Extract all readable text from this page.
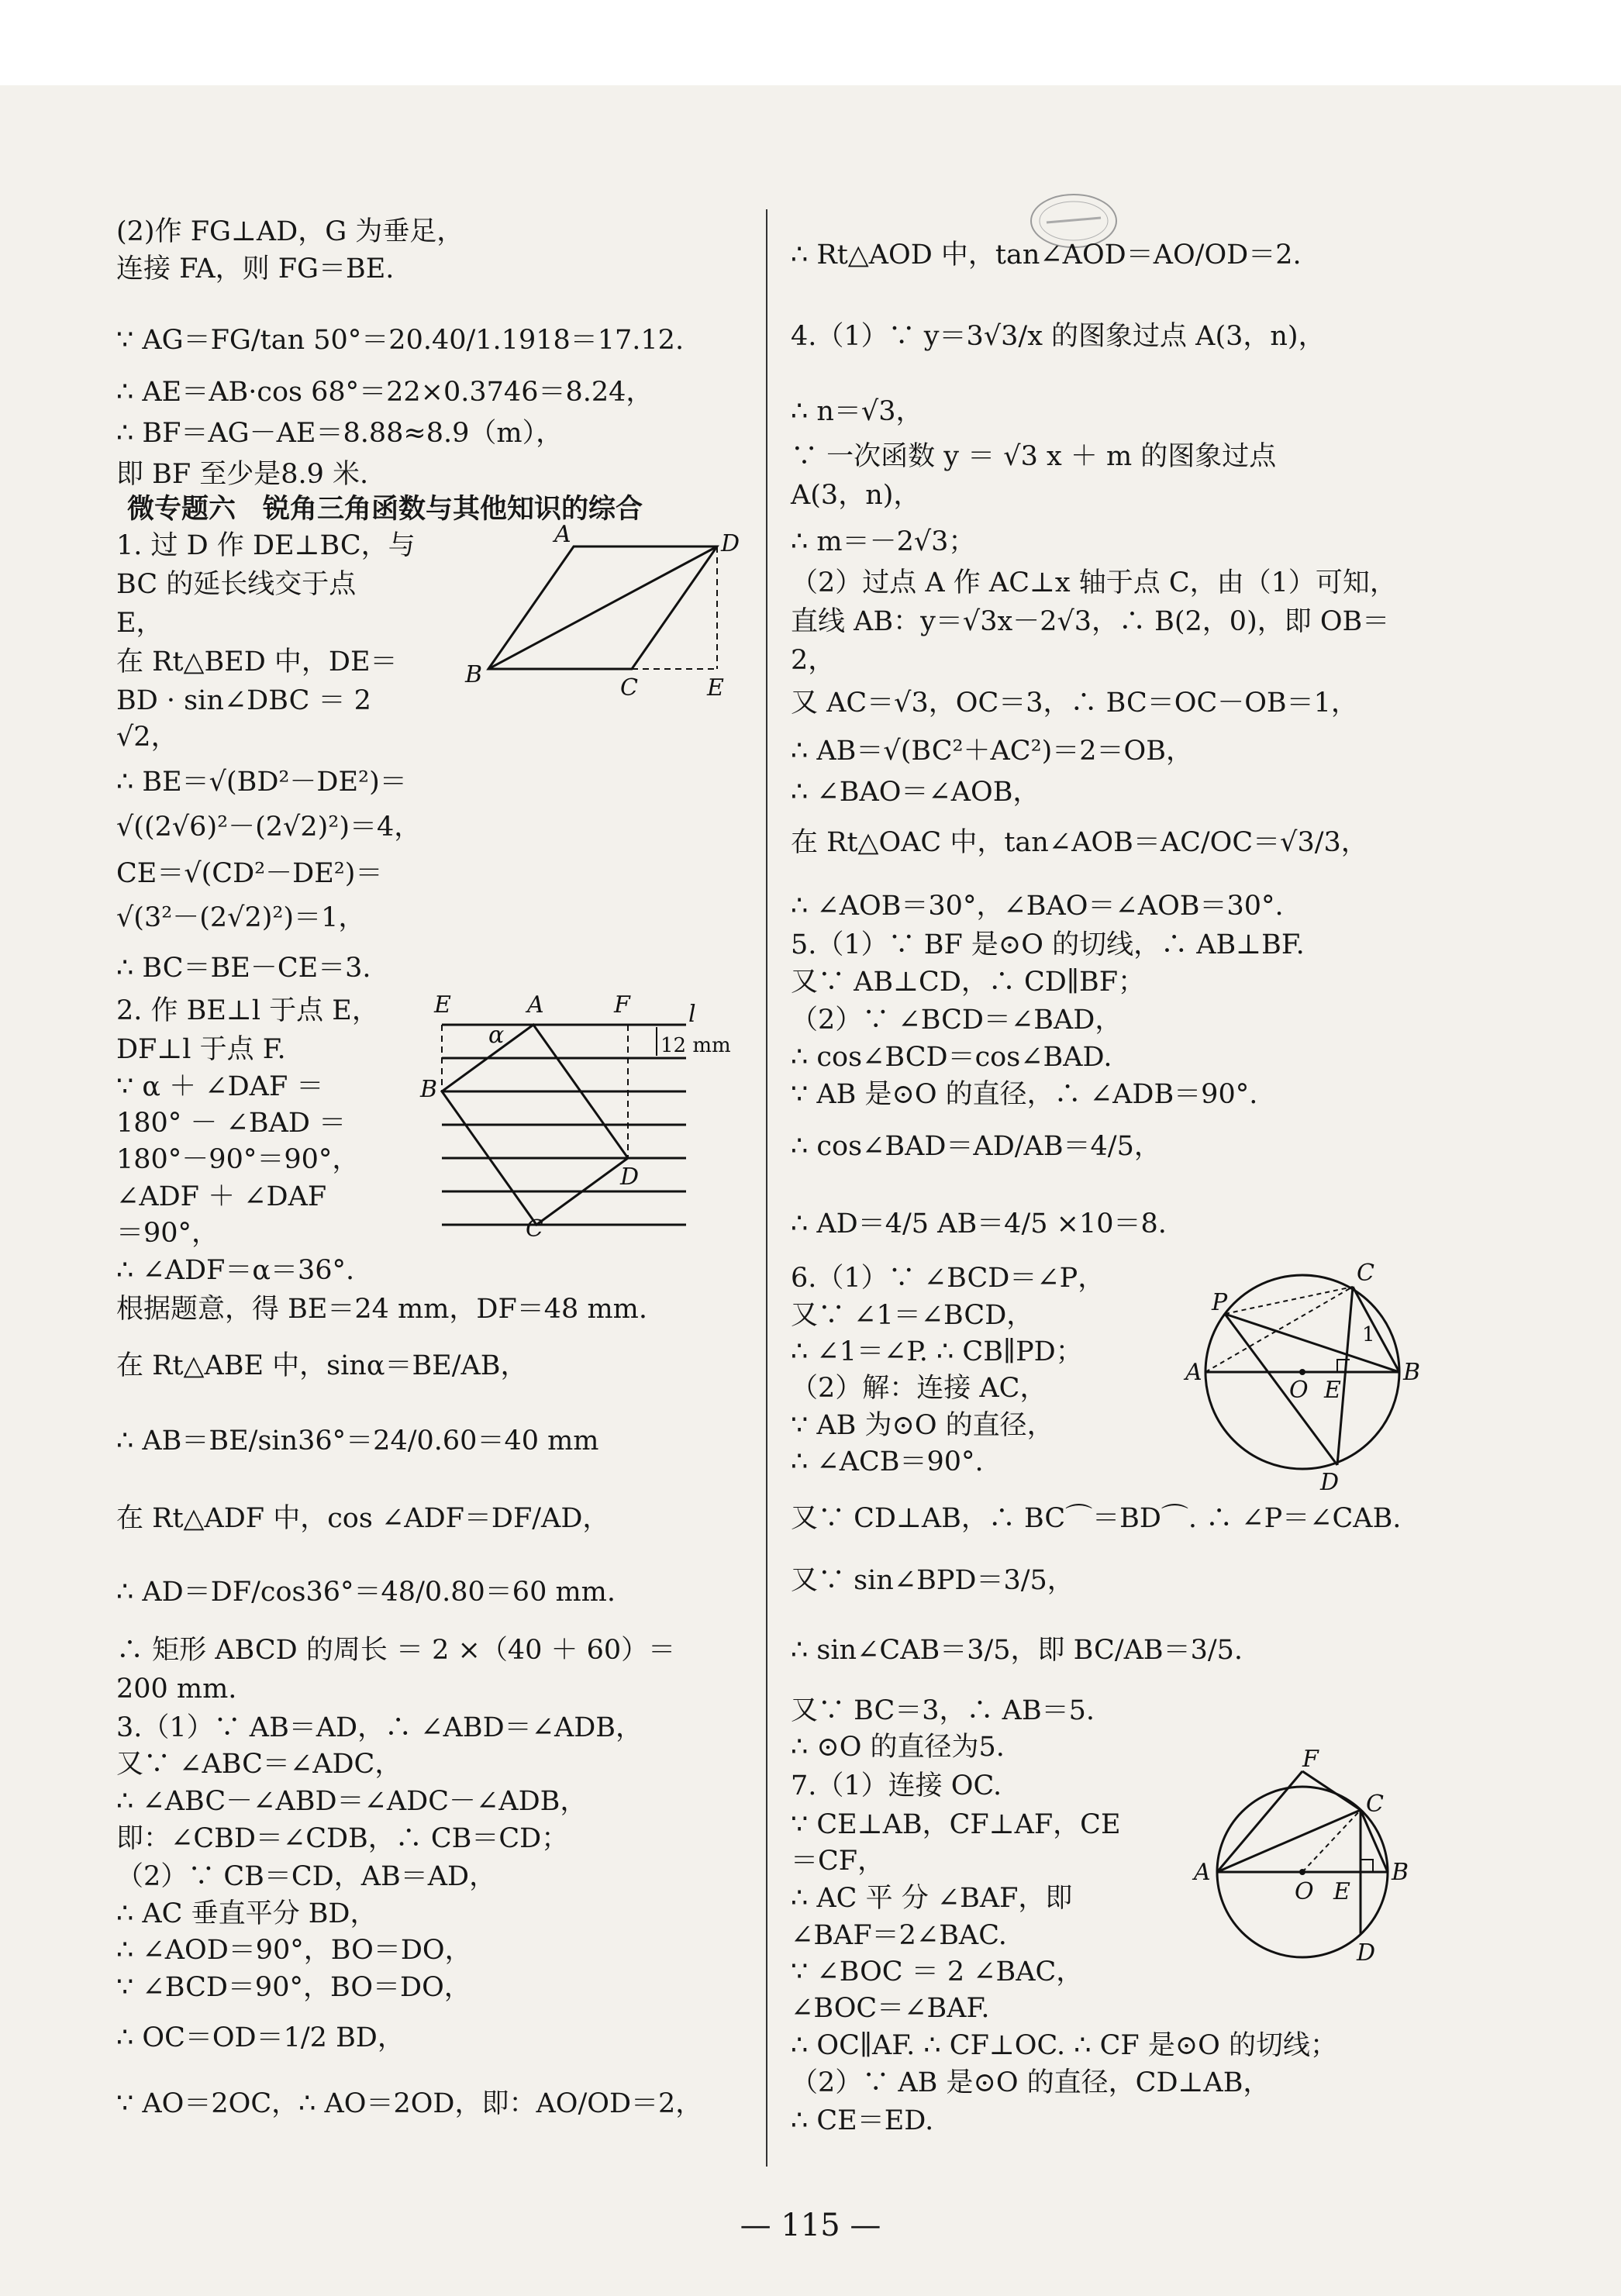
(2)作 FG⊥AD，G 为垂足，
连接 FA，则 FG＝BE.
∵ AG＝FG/tan 50°＝20.40/1.1918＝17.12.
∴ AE＝AB·cos 68°＝22×0.3746＝8.24，
∴ BF＝AG－AE＝8.88≈8.9（m），
即 BF 至少是8.9 米.
微专题六　锐角三角函数与其他知识的综合
1. 过 D 作 DE⊥BC，与
BC 的延长线交于点
E，
在 Rt△BED 中，DE＝
BD · sin∠DBC ＝ 2
√2，
∴ BE＝√(BD²－DE²)＝
√((2√6)²－(2√2)²)＝4，
CE＝√(CD²－DE²)＝
√(3²－(2√2)²)＝1，
∴ BC＝BE－CE＝3.
2. 作 BE⊥l 于点 E，
DF⊥l 于点 F.
∵ α ＋ ∠DAF ＝
180° － ∠BAD ＝
180°－90°＝90°，
∠ADF ＋ ∠DAF
＝90°，
∴ ∠ADF＝α＝36°.
根据题意，得 BE＝24 mm，DF＝48 mm.
在 Rt△ABE 中，sinα＝BE/AB，
∴ AB＝BE/sin36°＝24/0.60＝40 mm
在 Rt△ADF 中，cos ∠ADF＝DF/AD，
∴ AD＝DF/cos36°＝48/0.80＝60 mm.
∴ 矩形 ABCD 的周长 ＝ 2 ×（40 ＋ 60）＝
200 mm.
3.（1）∵ AB＝AD，∴ ∠ABD＝∠ADB，
又∵ ∠ABC＝∠ADC，
∴ ∠ABC－∠ABD＝∠ADC－∠ADB，
即：∠CBD＝∠CDB，∴ CB＝CD；
（2）∵ CB＝CD，AB＝AD，
∴ AC 垂直平分 BD，
∴ ∠AOD＝90°，BO＝DO，
∵ ∠BCD＝90°，BO＝DO，
∴ OC＝OD＝1/2 BD，
∵ AO＝2OC，∴ AO＝2OD，即：AO/OD＝2，
A	D
B	C	E
E	A	F	l
α	12 mm
B
D
C
∴ Rt△AOD 中，tan∠AOD＝AO/OD＝2.
4.（1）∵ y＝3√3/x 的图象过点 A(3，n)，
∴ n＝√3，
∵ 一次函数 y ＝ √3 x ＋ m 的图象过点
A(3，n)，
∴ m＝－2√3；
（2）过点 A 作 AC⊥x 轴于点 C，由（1）可知，
直线 AB：y＝√3x－2√3，∴ B(2，0)，即 OB＝
2，
又 AC＝√3，OC＝3，∴ BC＝OC－OB＝1，
∴ AB＝√(BC²＋AC²)＝2＝OB，
∴ ∠BAO＝∠AOB，
在 Rt△OAC 中，tan∠AOB＝AC/OC＝√3/3，
∴ ∠AOB＝30°，∠BAO＝∠AOB＝30°.
5.（1）∵ BF 是⊙O 的切线，∴ AB⊥BF.
又∵ AB⊥CD，∴ CD∥BF；
（2）∵ ∠BCD＝∠BAD，
∴ cos∠BCD＝cos∠BAD.
∵ AB 是⊙O 的直径，∴ ∠ADB＝90°.
∴ cos∠BAD＝AD/AB＝4/5，
∴ AD＝4/5 AB＝4/5 ×10＝8.
6.（1）∵ ∠BCD＝∠P，
又∵ ∠1＝∠BCD，
∴ ∠1＝∠P. ∴ CB∥PD；
（2）解：连接 AC，
∵ AB 为⊙O 的直径，
∴ ∠ACB＝90°.
又∵ CD⊥AB，∴ BC⌒＝BD⌒. ∴ ∠P＝∠CAB.
又∵ sin∠BPD＝3/5，
∴ sin∠CAB＝3/5，即 BC/AB＝3/5.
又∵ BC＝3，∴ AB＝5.
∴ ⊙O 的直径为5.
7.（1）连接 OC.
∵ CE⊥AB，CF⊥AF，CE
＝CF，
∴ AC 平 分 ∠BAF，即
∠BAF＝2∠BAC.
∵ ∠BOC ＝ 2 ∠BAC，
∠BOC＝∠BAF.
∴ OC∥AF. ∴ CF⊥OC. ∴ CF 是⊙O 的切线；
（2）∵ AB 是⊙O 的直径，CD⊥AB，
∴ CE＝ED.
P
C
A
O E
B
D
1
F
C
A
O E
B
D
— 115 —
